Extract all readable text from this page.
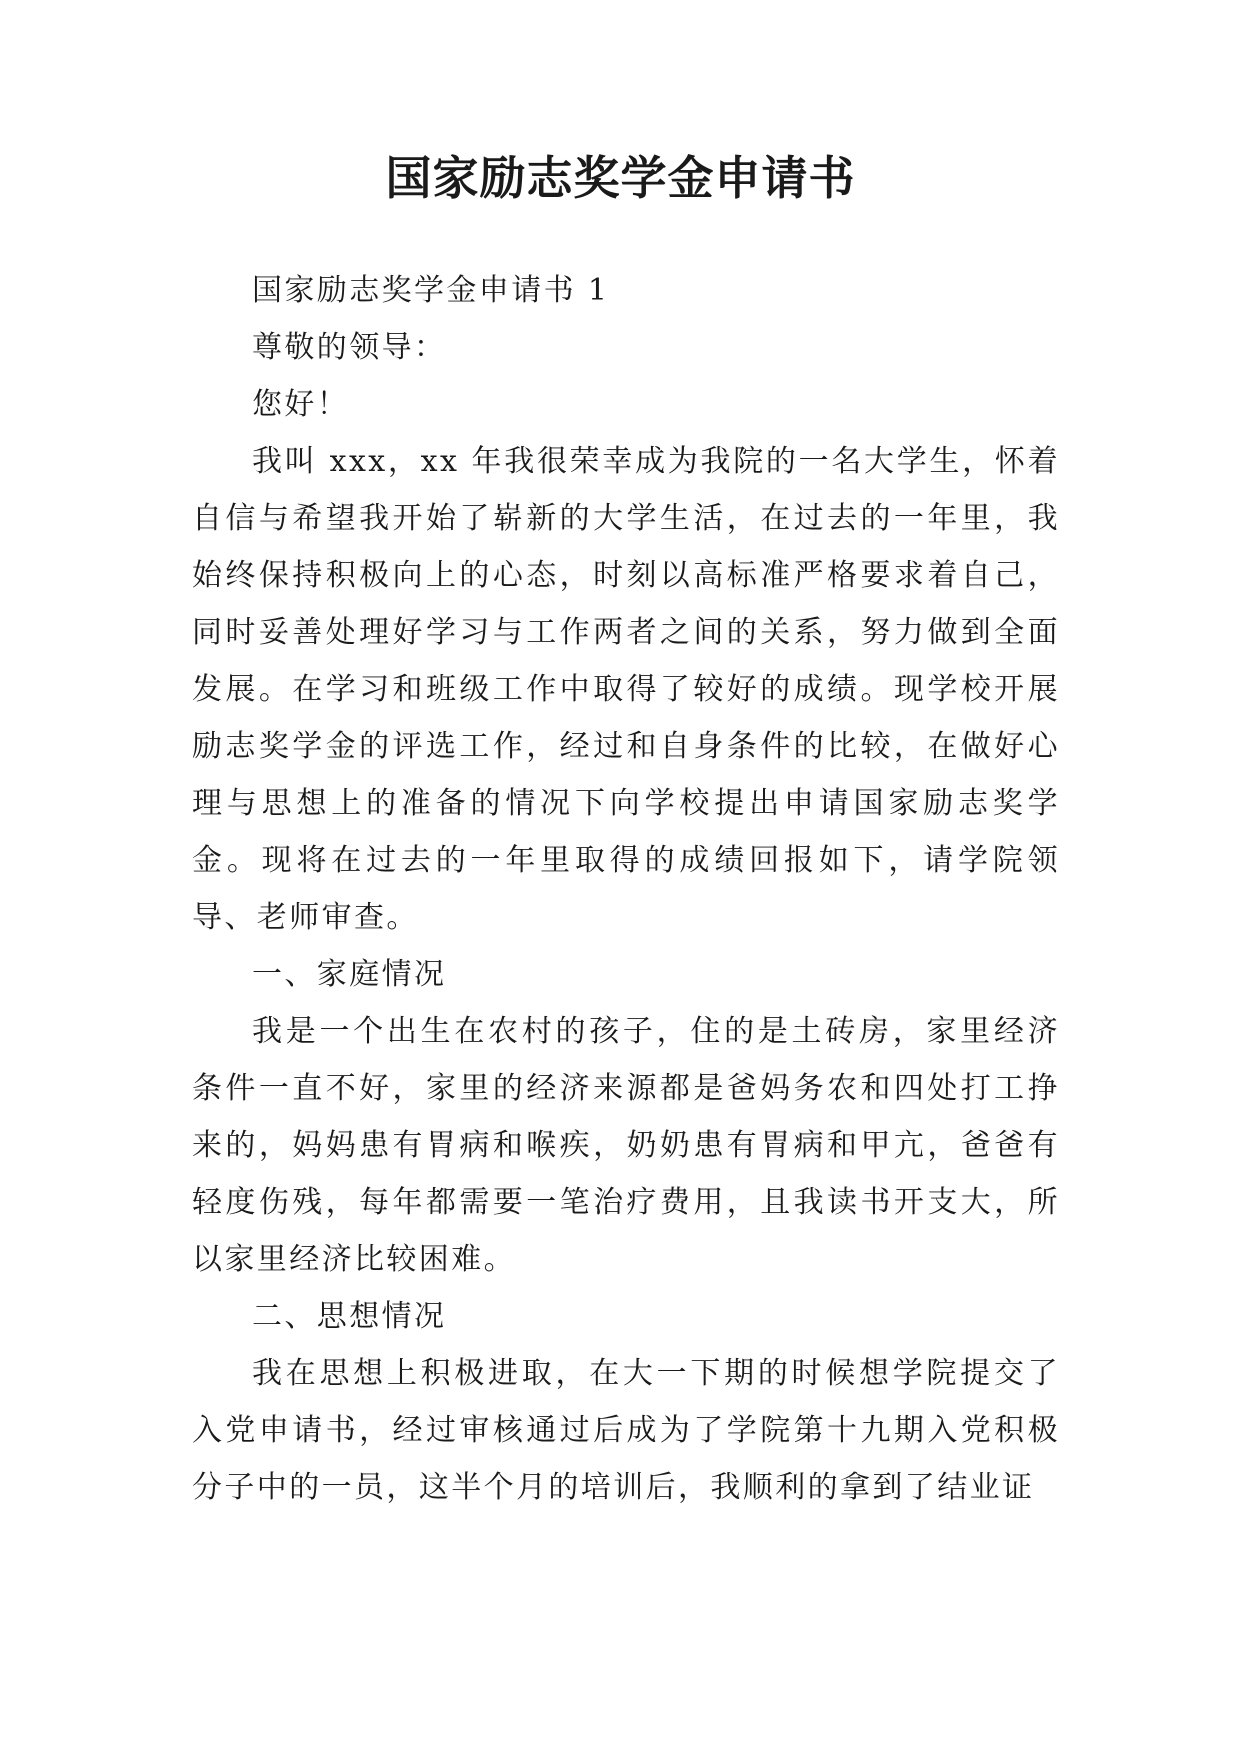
国家励志奖学金申请书

国家励志奖学金申请书 1

尊敬的领导：

您好！

我叫 xxx，xx 年我很荣幸成为我院的一名大学生，怀着自信与希望我开始了崭新的大学生活，在过去的一年里，我始终保持积极向上的心态，时刻以高标准严格要求着自己，同时妥善处理好学习与工作两者之间的关系，努力做到全面发展。在学习和班级工作中取得了较好的成绩。现学校开展励志奖学金的评选工作，经过和自身条件的比较，在做好心理与思想上的准备的情况下向学校提出申请国家励志奖学金。现将在过去的一年里取得的成绩回报如下，请学院领导、老师审查。

一、家庭情况

我是一个出生在农村的孩子，住的是土砖房，家里经济条件一直不好，家里的经济来源都是爸妈务农和四处打工挣来的，妈妈患有胃病和喉疾，奶奶患有胃病和甲亢，爸爸有轻度伤残，每年都需要一笔治疗费用，且我读书开支大，所以家里经济比较困难。

二、思想情况

我在思想上积极进取，在大一下期的时候想学院提交了入党申请书，经过审核通过后成为了学院第十九期入党积极分子中的一员，这半个月的培训后，我顺利的拿到了结业证
